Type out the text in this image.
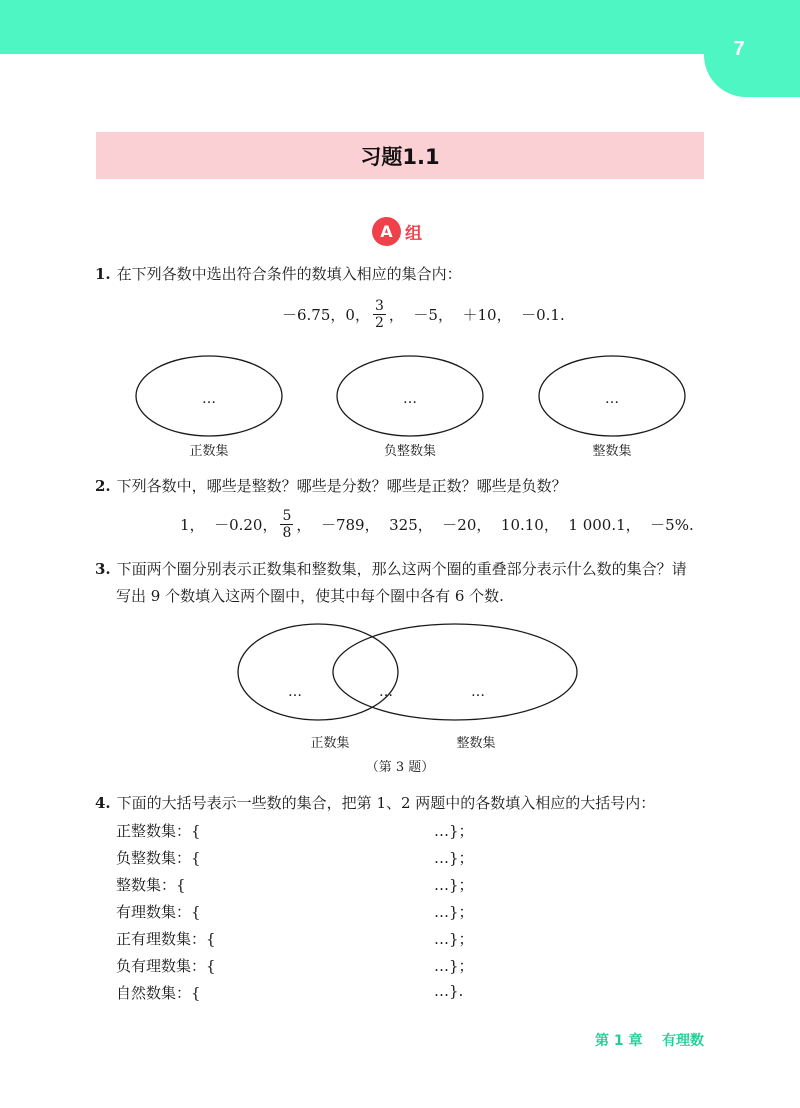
7
习题1.1
A 组
1. 在下列各数中选出符合条件的数填入相应的集合内：
－6.75，0， $\frac{3}{2}$ ，  －5，  ＋10，  －0.1.
…	…	…
正数集	负整数集	整数集
2. 下列各数中，哪些是整数？哪些是分数？哪些是正数？哪些是负数？
1，  －0.20， $\frac{5}{8}$ ，  －789，  325，  －20，  10.10，  1 000.1，  －5%.
3. 下面两个圈分别表示正数集和整数集，那么这两个圈的重叠部分表示什么数的集合？请
写出 9 个数填入这两个圈中，使其中每个圈中各有 6 个数.
…	…	…
正数集	整数集
（第 3 题）
4. 下面的大括号表示一些数的集合，把第 1、2 两题中的各数填入相应的大括号内：
正整数集：{	…}；
负整数集：{	…}；
整数集：{	…}；
有理数集：{	…}；
正有理数集：{	…}；
负有理数集：{	…}；
自然数集：{	…}.
第 1 章 有理数
